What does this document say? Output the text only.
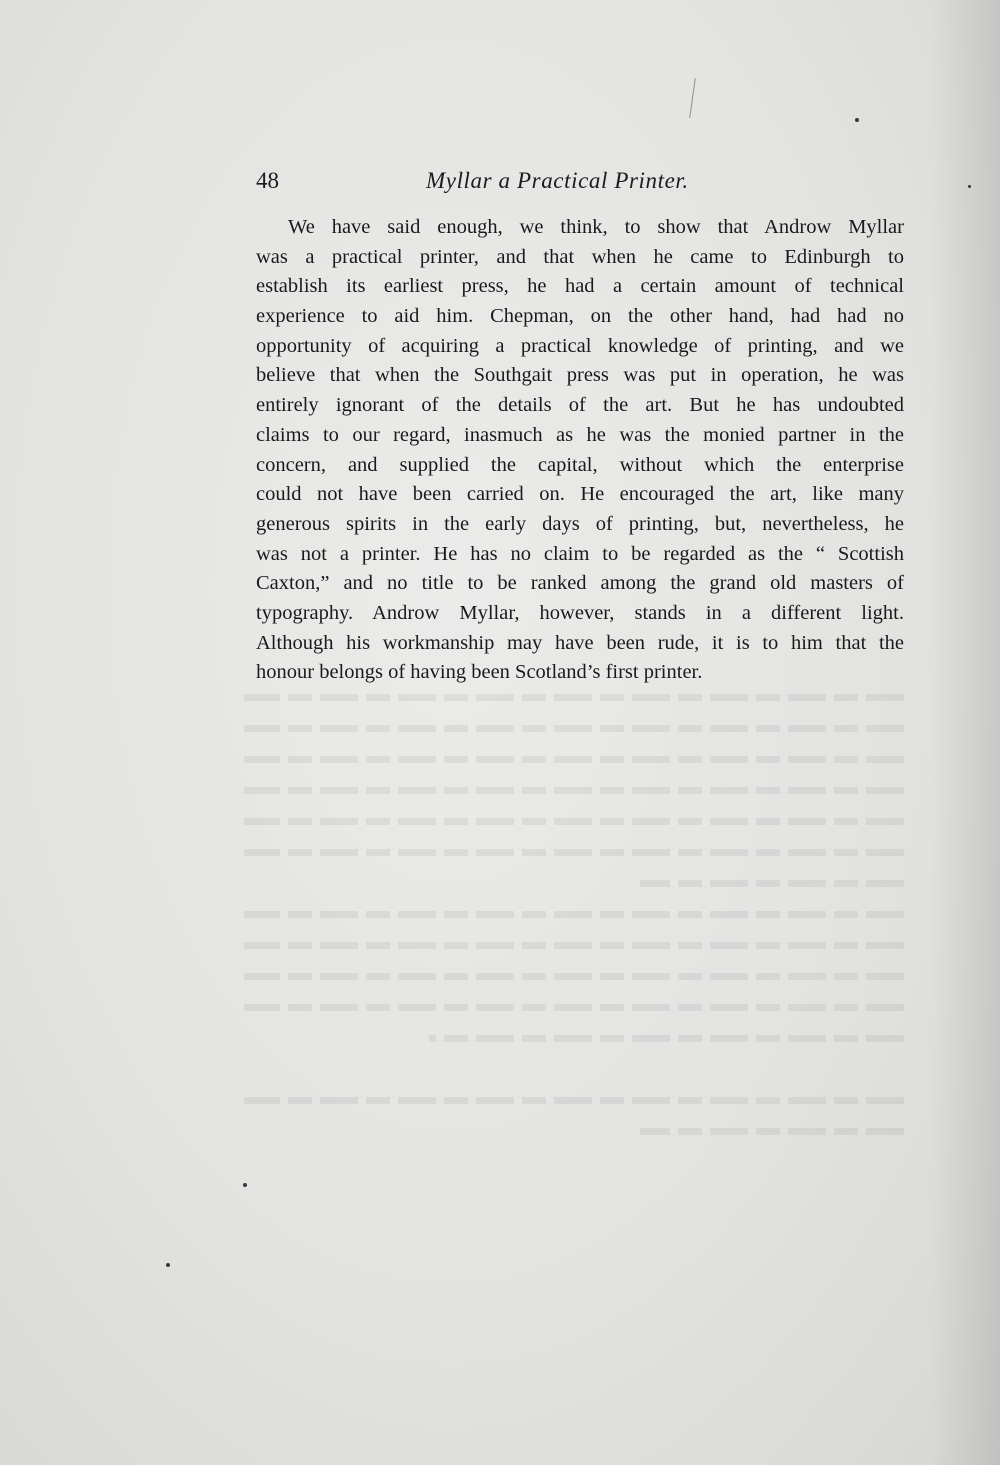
48	Myllar a Practical Printer.
We have said enough, we think, to show that Androw Myllar
was a practical printer, and that when he came to Edinburgh to
establish its earliest press, he had a certain amount of technical
experience to aid him. Chepman, on the other hand, had had no
opportunity of acquiring a practical knowledge of printing, and we
believe that when the Southgait press was put in operation, he was
entirely ignorant of the details of the art. But he has undoubted
claims to our regard, inasmuch as he was the monied partner in the
concern, and supplied the capital, without which the enterprise
could not have been carried on. He encouraged the art, like many
generous spirits in the early days of printing, but, nevertheless, he
was not a printer. He has no claim to be regarded as the “ Scottish
Caxton,” and no title to be ranked among the grand old masters of
typography. Androw Myllar, however, stands in a different light.
Although his workmanship may have been rude, it is to him that the
honour belongs of having been Scotland’s first printer.
